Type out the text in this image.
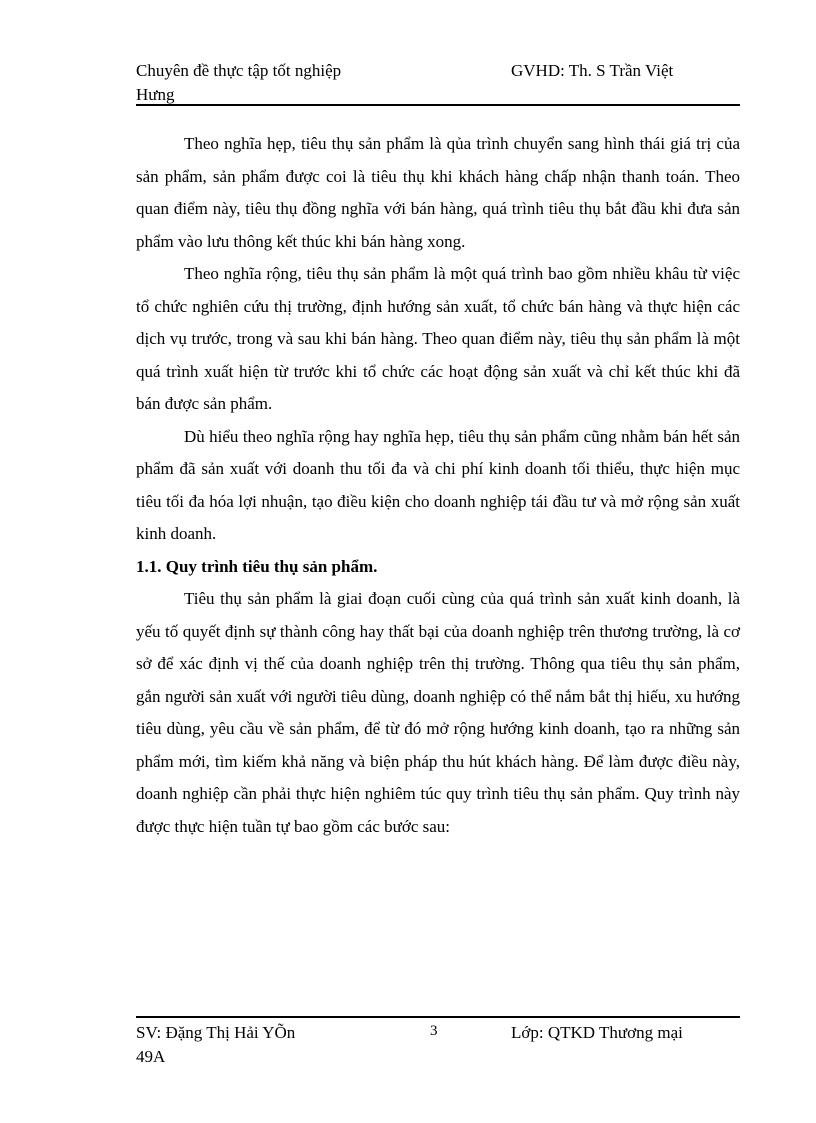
Chuyên đề thực tập tốt nghiệp	GVHD: Th. S Trần Việt
Hưng

Theo nghĩa hẹp, tiêu thụ sản phẩm là qủa trình chuyển sang hình thái giá trị của sản phẩm, sản phẩm được coi là tiêu thụ khi khách hàng chấp nhận thanh toán. Theo quan điểm này, tiêu thụ đồng nghĩa với bán hàng, quá trình tiêu thụ bắt đầu khi đưa sản phẩm vào lưu thông kết thúc khi bán hàng xong.

Theo nghĩa rộng, tiêu thụ sản phẩm là một quá trình bao gồm nhiều khâu từ việc tổ chức nghiên cứu thị trường, định hướng sản xuất, tổ chức bán hàng và thực hiện các dịch vụ trước, trong và sau khi bán hàng. Theo quan điểm này, tiêu thụ sản phẩm là một quá trình xuất hiện từ trước khi tổ chức các hoạt động sản xuất và chỉ kết thúc khi đã bán được sản phẩm.

Dù hiểu theo nghĩa rộng hay nghĩa hẹp, tiêu thụ sản phẩm cũng nhằm bán hết sản phẩm đã sản xuất với doanh thu tối đa và chi phí kinh doanh tối thiểu, thực hiện mục tiêu tối đa hóa lợi nhuận, tạo điều kiện cho doanh nghiệp tái đầu tư và mở rộng sản xuất kinh doanh.

1.1. Quy trình tiêu thụ sản phẩm.

Tiêu thụ sản phẩm là giai đoạn cuối cùng của quá trình sản xuất kinh doanh, là yếu tố quyết định sự thành công hay thất bại của doanh nghiệp trên thương trường, là cơ sở để xác định vị thế của doanh nghiệp trên thị trường. Thông qua tiêu thụ sản phẩm, gắn người sản xuất với người tiêu dùng, doanh nghiệp có thể nắm bắt thị hiếu, xu hướng tiêu dùng, yêu cầu về sản phẩm, để từ đó mở rộng hướng kinh doanh, tạo ra những sản phẩm mới, tìm kiếm khả năng và biện pháp thu hút khách hàng. Để làm được điều này, doanh nghiệp cần phải thực hiện nghiêm túc quy trình tiêu thụ sản phẩm. Quy trình này được thực hiện tuần tự bao gồm các bước sau:

SV: Đặng Thị Hải YÕn
49A
3	Lớp: QTKD Thương mại
